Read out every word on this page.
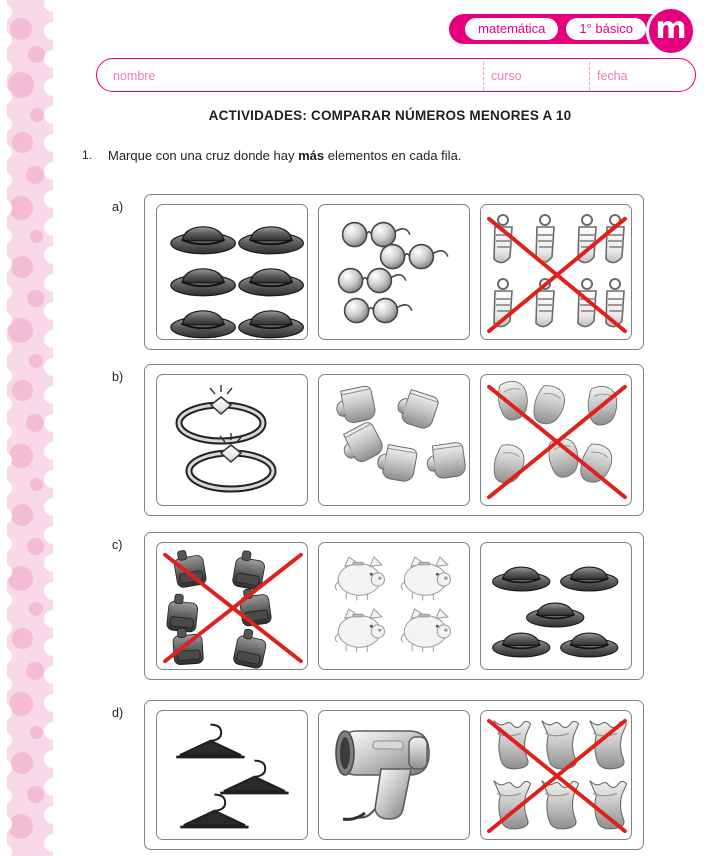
matemática	1° básico m
nombre	curso	fecha
ACTIVIDADES: COMPARAR NÚMEROS MENORES A 10
1. Marque con una cruz donde hay más elementos en cada fila.
a)
b)
c)
d)
